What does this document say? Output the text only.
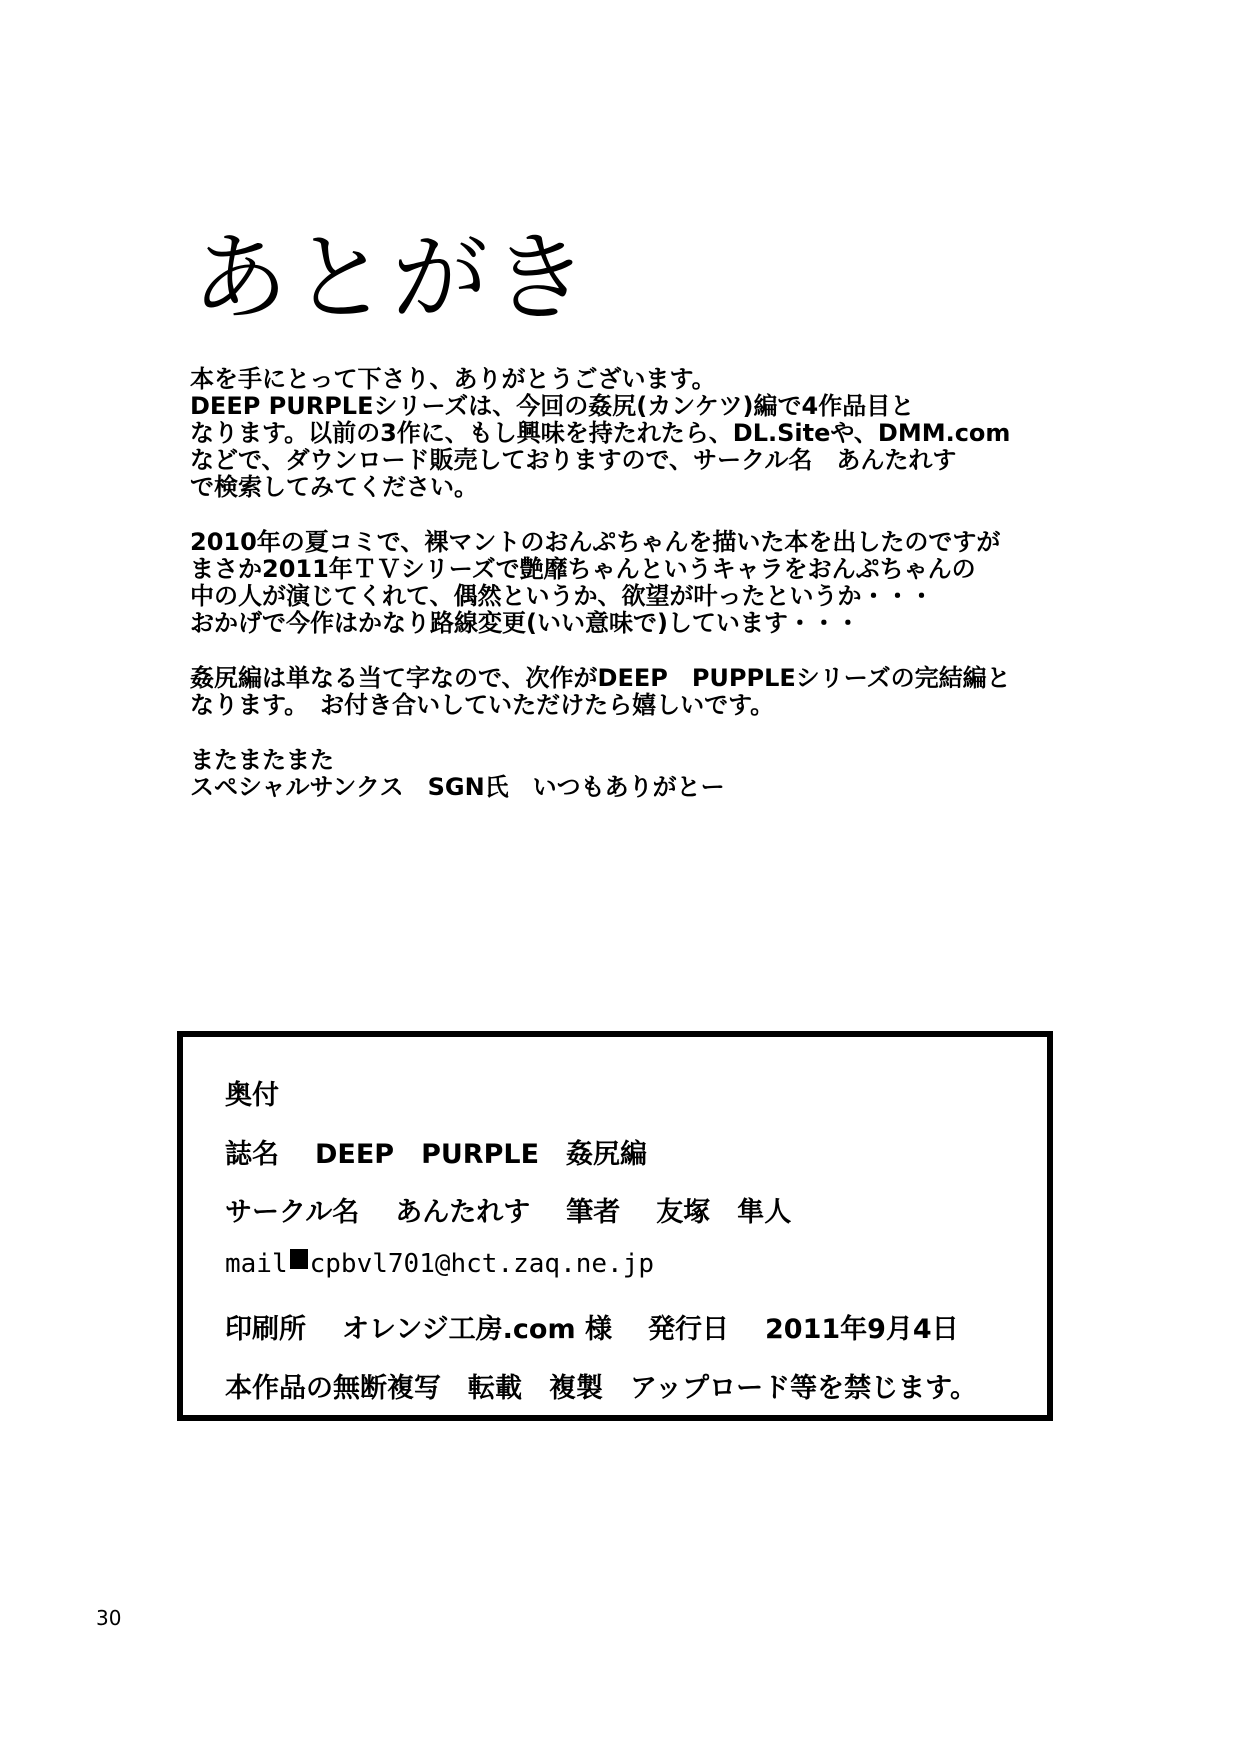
あとがき

本を手にとって下さり、ありがとうございます。
DEEP PURPLEシリーズは、今回の姦尻(カンケツ)編で4作品目と
なります。以前の3作に、もし興味を持たれたら、DL.Siteや、DMM.com
などで、ダウンロード販売しておりますので、サークル名　あんたれす
で検索してみてください。

2010年の夏コミで、裸マントのおんぷちゃんを描いた本を出したのですが
まさか2011年ＴＶシリーズで艶靡ちゃんというキャラをおんぷちゃんの
中の人が演じてくれて、偶然というか、欲望が叶ったというか・・・
おかげで今作はかなり路線変更(いい意味で)しています・・・

姦尻編は単なる当て字なので、次作がDEEP　PUPPLEシリーズの完結編と
なります。　お付き合いしていただけたら嬉しいです。

またまたまた
スペシャルサンクス　SGN氏　いつもありがとー

奥付
誌名 DEEP　PURPLE　姦尻編
サークル名 あんたれす 筆者 友塚　隼人
mail cpbvl701@hct.zaq.ne.jp
印刷所 オレンジ工房.com 様 発行日 2011年9月4日
本作品の無断複写　転載　複製　アップロード等を禁じます。
30
